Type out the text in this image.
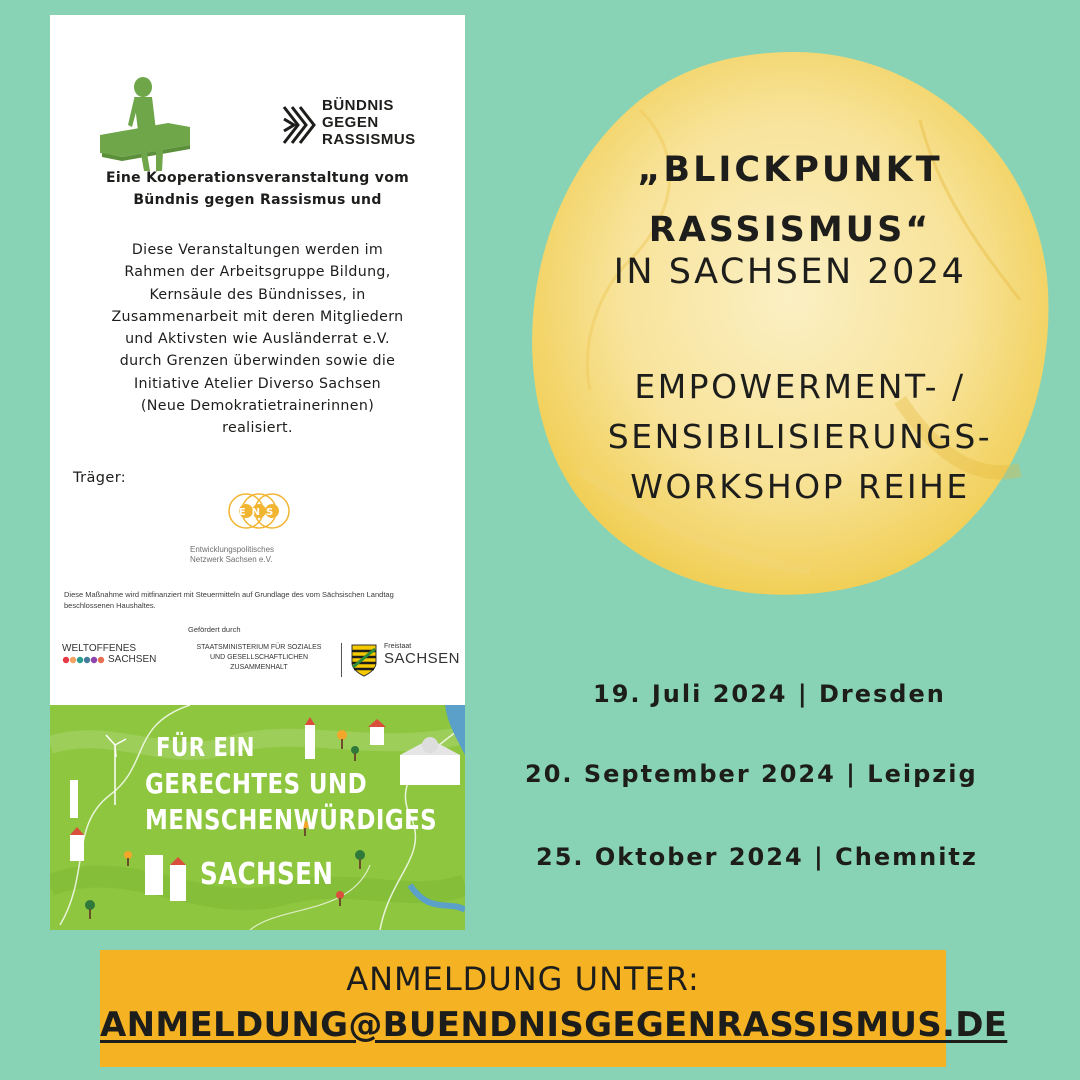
„BLICKPUNKT
RASSISMUS“
IN SACHSEN 2024
EMPOWERMENT- /
SENSIBILISIERUNGS-
WORKSHOP REIHE
19. Juli 2024 | Dresden
20. September 2024 | Leipzig
25. Oktober 2024 | Chemnitz
BÜNDNIS
GEGEN
RASSISMUS
Eine Kooperationsveranstaltung vom
Bündnis gegen Rassismus und
Diese Veranstaltungen werden im
Rahmen der Arbeitsgruppe Bildung,
Kernsäule des Bündnisses, in
Zusammenarbeit mit deren Mitgliedern
und Aktivsten wie Ausländerrat e.V.
durch Grenzen überwinden sowie die
Initiative Atelier Diverso Sachsen
(Neue Demokratietrainerinnen)
realisiert.
Träger:
ENS
Entwicklungspolitisches
Netzwerk Sachsen e.V.
Diese Maßnahme wird mitfinanziert mit Steuermitteln auf Grundlage des vom Sächsischen Landtag
beschlossenen Haushaltes.
Gefördert durch
WELTOFFENES
SACHSEN
STAATSMINISTERIUM FÜR SOZIALES
UND GESELLSCHAFTLICHEN
ZUSAMMENHALT
Freistaat
SACHSEN
FÜR EIN
GERECHTES UND
MENSCHENWÜRDIGES
SACHSEN
ANMELDUNG UNTER:
ANMELDUNG@BUENDNISGEGENRASSISMUS.DE
